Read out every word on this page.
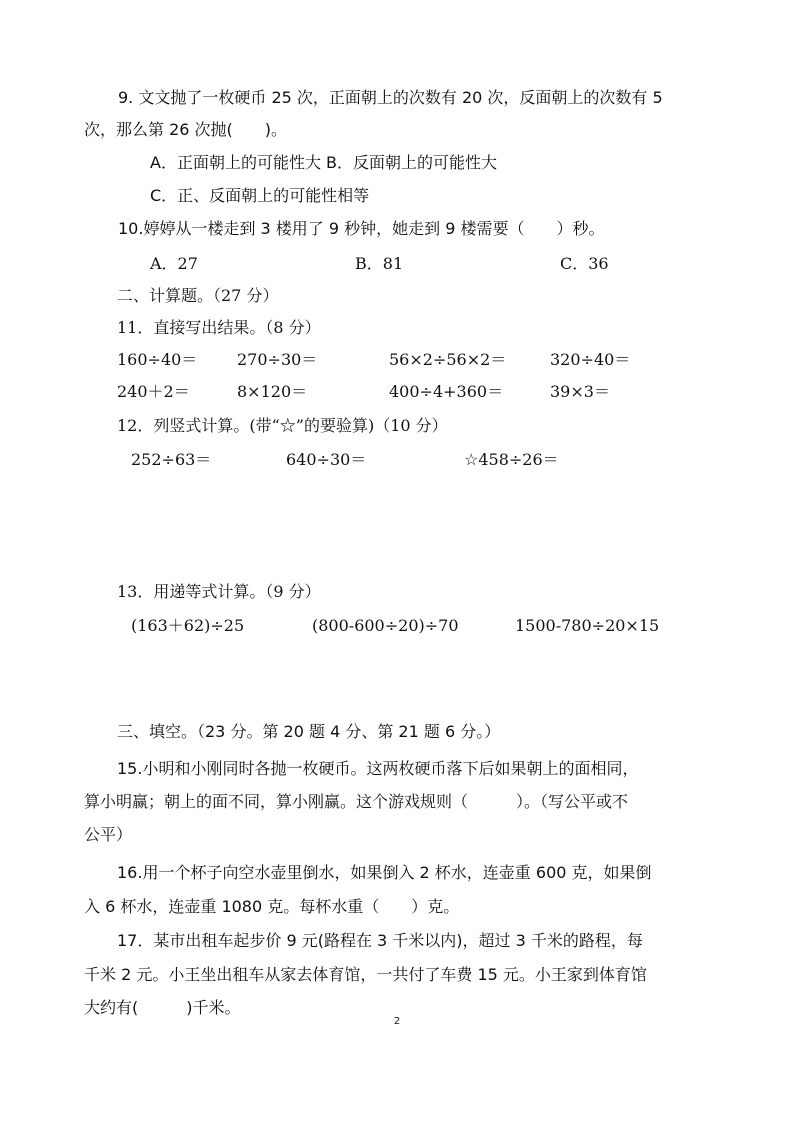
9. 文文抛了一枚硬币 25 次，正面朝上的次数有 20 次，反面朝上的次数有 5
次，那么第 26 次抛(　　)。
A．正面朝上的可能性大 B．反面朝上的可能性大
C．正、反面朝上的可能性相等
10.婷婷从一楼走到 3 楼用了 9 秒钟，她走到 9 楼需要（　　）秒。
A．27	B．81	C．36
二、计算题。（27 分）
11．直接写出结果。（8 分）
160÷40＝ 270÷30＝	56×2÷56×2＝	320÷40＝
240＋2＝	8×120＝	400÷4+360＝	39×3＝
12．列竖式计算。(带“☆”的要验算)（10 分）
252÷63＝	640÷30＝	☆458÷26＝
13．用递等式计算。（9 分）
(163＋62)÷25	(800-600÷20)÷70	1500-780÷20×15
三、填空。（23 分。第 20 题 4 分、第 21 题 6 分。）
15.小明和小刚同时各抛一枚硬币。这两枚硬币落下后如果朝上的面相同，
算小明赢；朝上的面不同，算小刚赢。这个游戏规则（　　　）。（写公平或不
公平）
16.用一个杯子向空水壶里倒水，如果倒入 2 杯水，连壶重 600 克，如果倒
入 6 杯水，连壶重 1080 克。每杯水重（　　）克。
17．某市出租车起步价 9 元(路程在 3 千米以内)，超过 3 千米的路程，每
千米 2 元。小王坐出租车从家去体育馆，一共付了车费 15 元。小王家到体育馆
大约有(　　　)千米。
2
